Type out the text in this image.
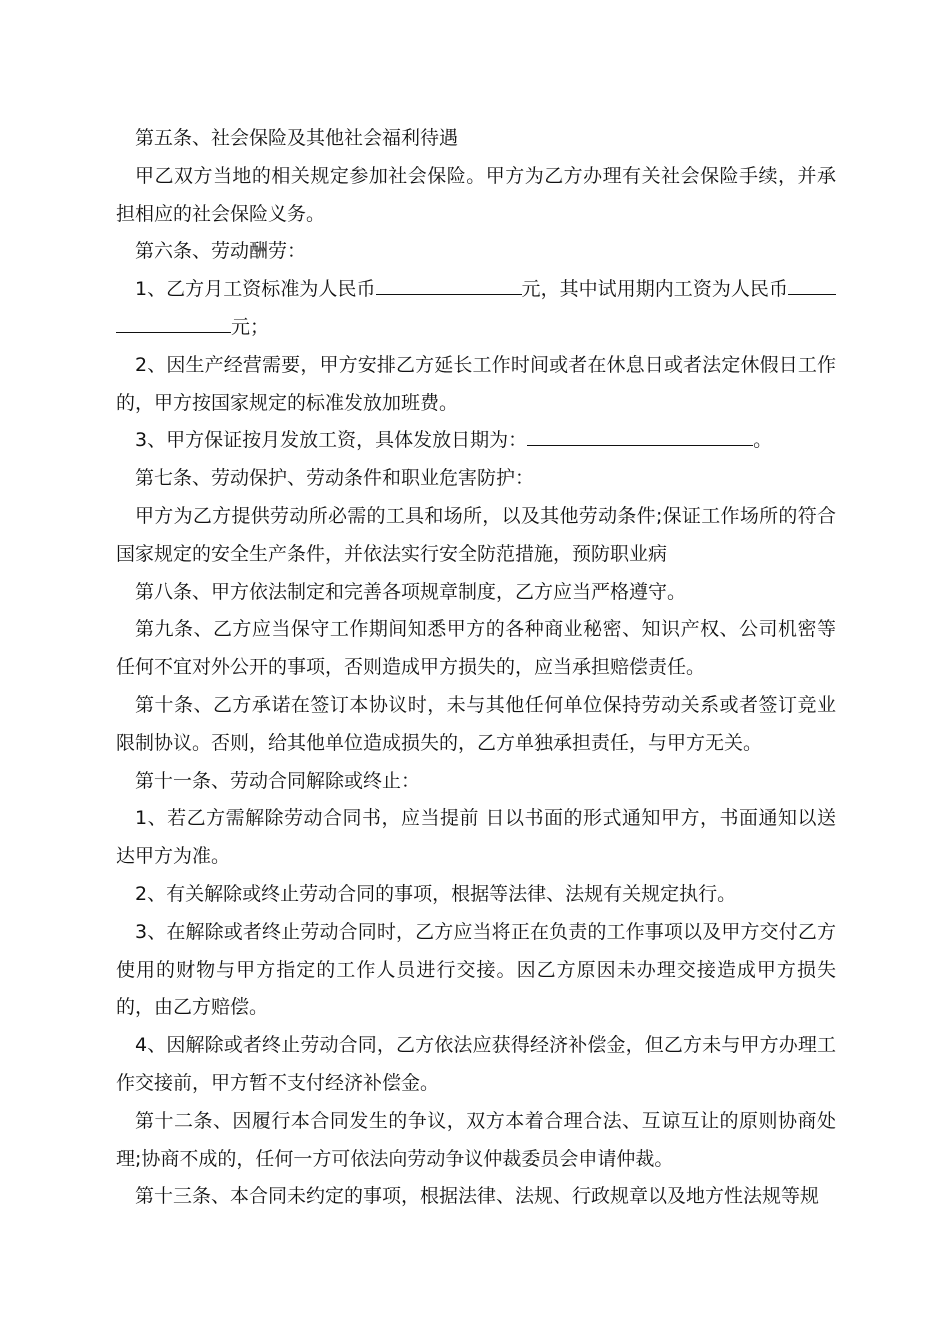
第五条、社会保险及其他社会福利待遇

甲乙双方当地的相关规定参加社会保险。甲方为乙方办理有关社会保险手续，并承担相应的社会保险义务。

第六条、劳动酬劳：

1、乙方月工资标准为人民币	元，其中试用期内工资为人民币元；

2、因生产经营需要，甲方安排乙方延长工作时间或者在休息日或者法定休假日工作的，甲方按国家规定的标准发放加班费。

3、甲方保证按月发放工资，具体发放日期为：	。

第七条、劳动保护、劳动条件和职业危害防护：

甲方为乙方提供劳动所必需的工具和场所，以及其他劳动条件;保证工作场所的符合国家规定的安全生产条件，并依法实行安全防范措施，预防职业病

第八条、甲方依法制定和完善各项规章制度，乙方应当严格遵守。

第九条、乙方应当保守工作期间知悉甲方的各种商业秘密、知识产权、公司机密等任何不宜对外公开的事项，否则造成甲方损失的，应当承担赔偿责任。

第十条、乙方承诺在签订本协议时，未与其他任何单位保持劳动关系或者签订竞业限制协议。否则，给其他单位造成损失的，乙方单独承担责任，与甲方无关。

第十一条、劳动合同解除或终止：

1、若乙方需解除劳动合同书，应当提前 日以书面的形式通知甲方，书面通知以送达甲方为准。

2、有关解除或终止劳动合同的事项，根据等法律、法规有关规定执行。

3、在解除或者终止劳动合同时，乙方应当将正在负责的工作事项以及甲方交付乙方使用的财物与甲方指定的工作人员进行交接。因乙方原因未办理交接造成甲方损失的，由乙方赔偿。

4、因解除或者终止劳动合同，乙方依法应获得经济补偿金，但乙方未与甲方办理工作交接前，甲方暂不支付经济补偿金。

第十二条、因履行本合同发生的争议，双方本着合理合法、互谅互让的原则协商处理;协商不成的，任何一方可依法向劳动争议仲裁委员会申请仲裁。

第十三条、本合同未约定的事项，根据法律、法规、行政规章以及地方性法规等规
